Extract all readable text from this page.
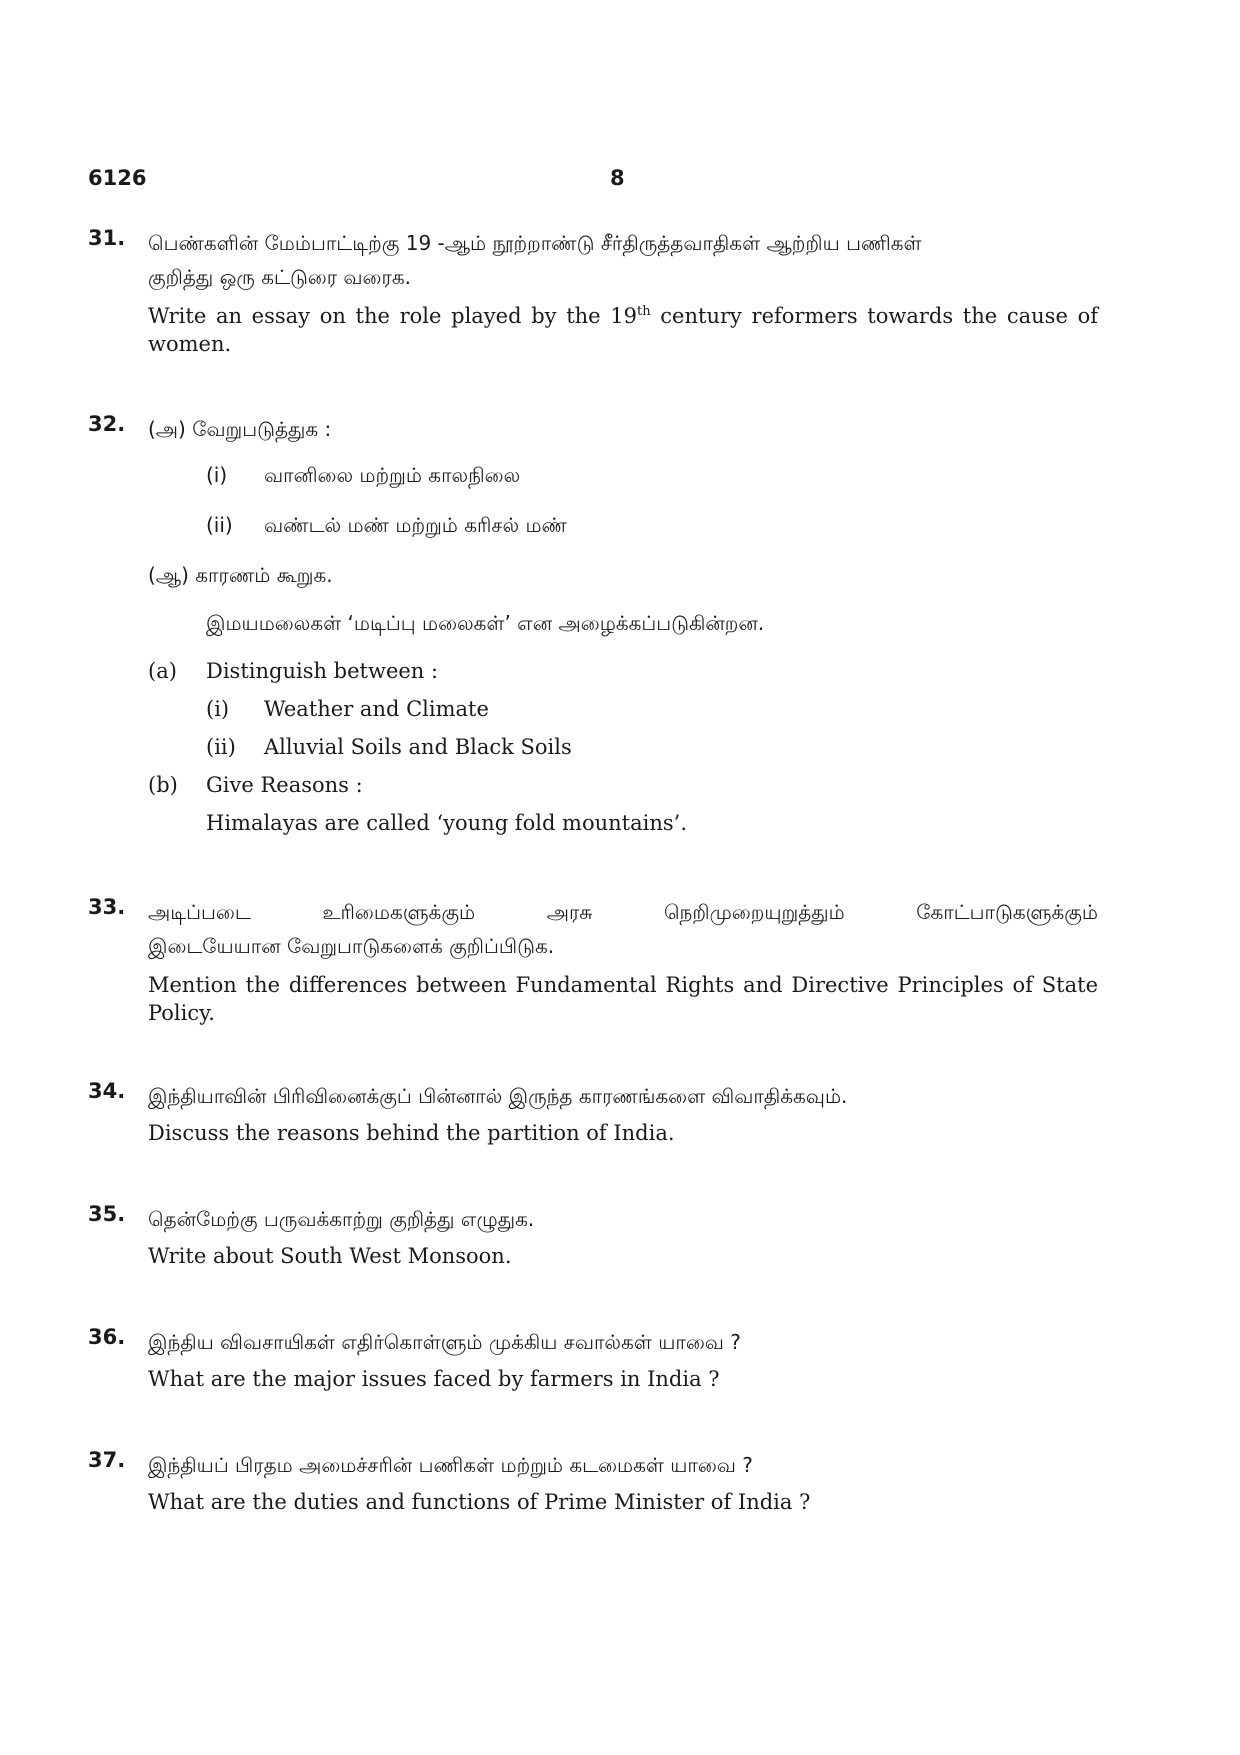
6126	8
31. பெண்களின் மேம்பாட்டிற்கு 19 -ஆம் நூற்றாண்டு சீர்திருத்தவாதிகள் ஆற்றிய பணிகள்
குறித்து ஒரு கட்டுரை வரைக.
Write an essay on the role played by the 19th century reformers towards the cause of women.
32. (அ) வேறுபடுத்துக :
(i) வானிலை மற்றும் காலநிலை
(ii) வண்டல் மண் மற்றும் கரிசல் மண்
(ஆ) காரணம் கூறுக.
இமயமலைகள் ‘மடிப்பு மலைகள்’ என அழைக்கப்படுகின்றன.
(a) Distinguish between :
(i) Weather and Climate
(ii) Alluvial Soils and Black Soils
(b) Give Reasons :
Himalayas are called ‘young fold mountains’.
33. அடிப்படை உரிமைகளுக்கும் அரசு நெறிமுறையுறுத்தும் கோட்பாடுகளுக்கும்
இடையேயான வேறுபாடுகளைக் குறிப்பிடுக.
Mention the differences between Fundamental Rights and Directive Principles of State Policy.
34. இந்தியாவின் பிரிவினைக்குப் பின்னால் இருந்த காரணங்களை விவாதிக்கவும்.
Discuss the reasons behind the partition of India.
35. தென்மேற்கு பருவக்காற்று குறித்து எழுதுக.
Write about South West Monsoon.
36. இந்திய விவசாயிகள் எதிர்கொள்ளும் முக்கிய சவால்கள் யாவை ?
What are the major issues faced by farmers in India ?
37. இந்தியப் பிரதம அமைச்சரின் பணிகள் மற்றும் கடமைகள் யாவை ?
What are the duties and functions of Prime Minister of India ?
